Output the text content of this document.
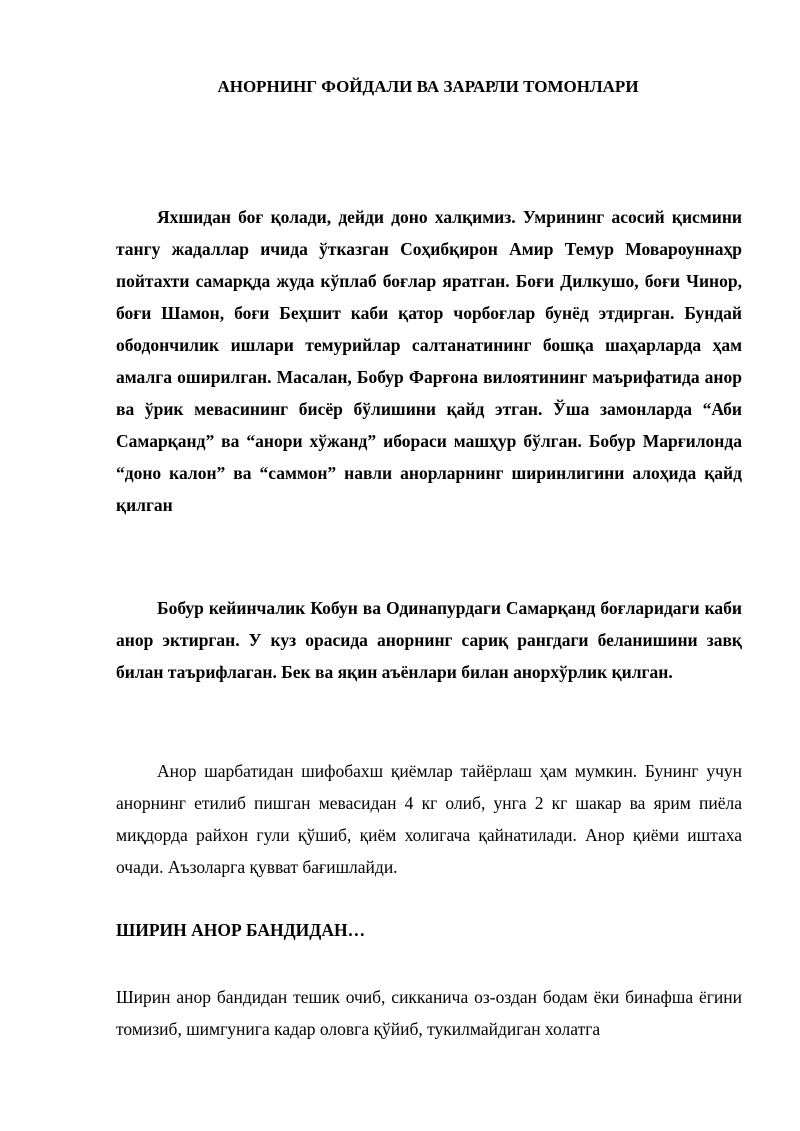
АНОРНИНГ ФОЙДАЛИ ВА ЗАРАРЛИ ТОМОНЛАРИ

Яхшидан боғ қолади, дейди доно халқимиз. Умрининг асосий қисмини тангу жадаллар ичида ўтказган Соҳибқирон Амир Темур Мовароуннаҳр пойтахти самарқда жуда кўплаб боғлар яратган. Боғи Дилкушо, боғи Чинор, боғи Шамон, боғи Беҳшит каби қатор чорбоғлар бунёд этдирган. Бундай ободончилик ишлари темурийлар салтанатининг бошқа шаҳарларда ҳам амалга оширилган. Масалан, Бобур Фарғона вилоятининг маърифатида анор ва ўрик мевасининг бисёр бўлишини қайд этган. Ўша замонларда “Аби Самарқанд” ва “анори хўжанд” ибораси машҳур бўлган. Бобур Марғилонда “доно калон” ва “саммон” навли анорларнинг ширинлигини алоҳида қайд қилган

Бобур кейинчалик Кобун ва Одинапурдаги Самарқанд боғларидаги каби анор эктирган. У куз орасида анорнинг сариқ рангдаги беланишини завқ билан таърифлаган. Бек ва яқин аъёнлари билан анорхўрлик қилган.

Анор шарбатидан шифобахш қиёмлар тайёрлаш ҳам мумкин. Бунинг учун анорнинг етилиб пишган мевасидан 4 кг олиб, унга 2 кг шакар ва ярим пиёла миқдорда райхон гули қўшиб, қиём холигача қайнатилади. Анор қиёми иштаха очади. Аъзоларга қувват бағишлайди.

ШИРИН АНОР БАНДИДАН…

Ширин анор бандидан тешик очиб, сикканича оз-оздан бодам ёки бинафша ёгини томизиб, шимгунига кадар оловга қўйиб, тукилмайдиган холатга
